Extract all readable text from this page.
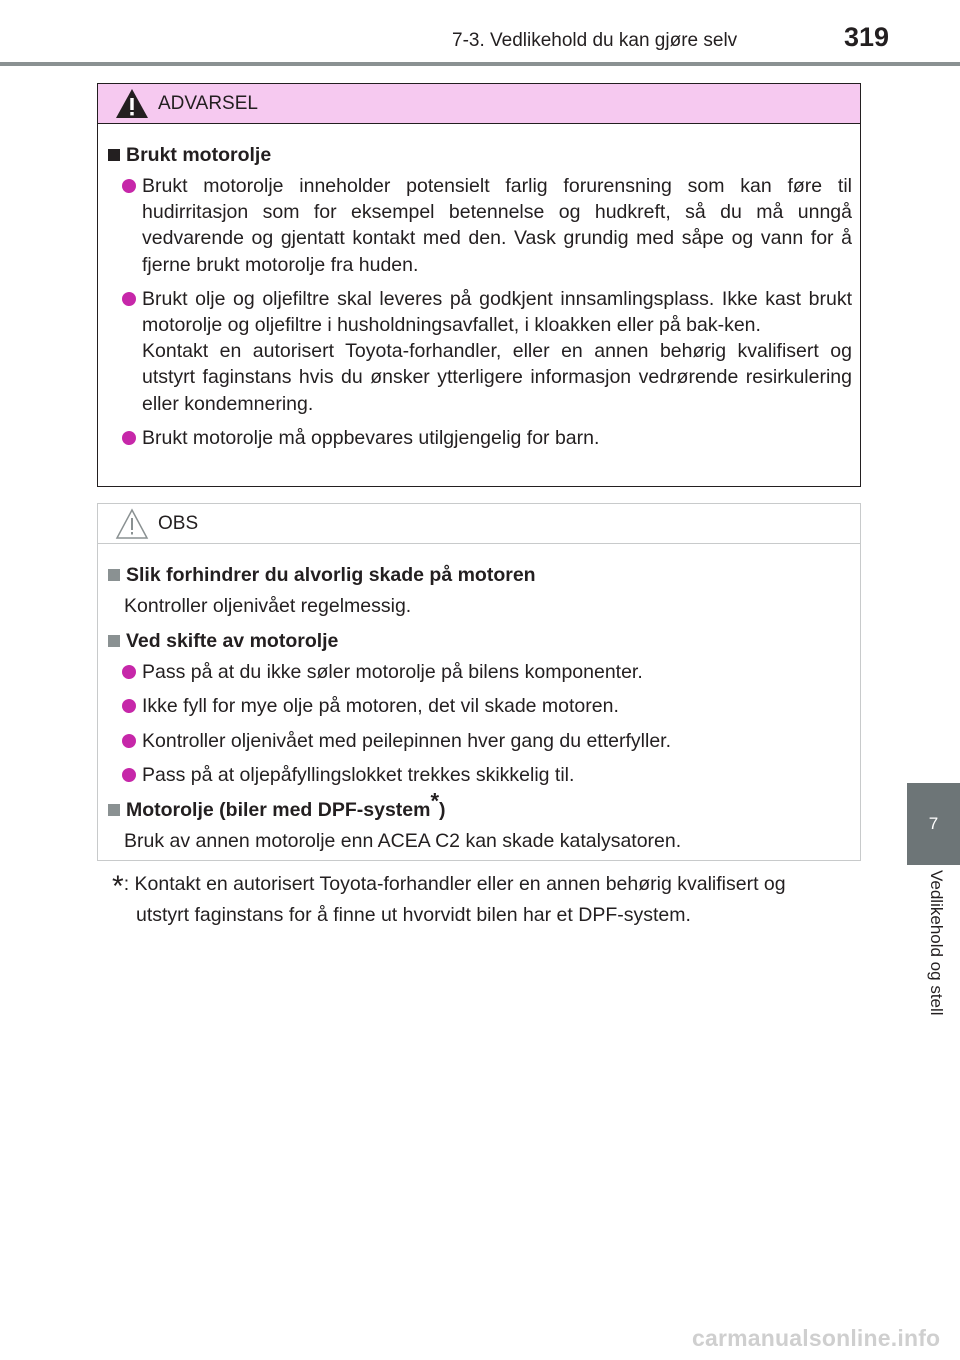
7-3. Vedlikehold du kan gjøre selv	319
7
Vedlikehold og stell
ADVARSEL
Brukt motorolje
Brukt motorolje inneholder potensielt farlig forurensning som kan føre til hudirritasjon som for eksempel betennelse og hudkreft, så du må unngå vedvarende og gjentatt kontakt med den. Vask grundig med såpe og vann for å fjerne brukt motorolje fra huden.
Brukt olje og oljefiltre skal leveres på godkjent innsamlingsplass. Ikke kast brukt motorolje og oljefiltre i husholdningsavfallet, i kloakken eller på bak-ken.
Kontakt en autorisert Toyota-forhandler, eller en annen behørig kvalifisert og utstyrt faginstans hvis du ønsker ytterligere informasjon vedrørende resirkulering eller kondemnering.
Brukt motorolje må oppbevares utilgjengelig for barn.
OBS
Slik forhindrer du alvorlig skade på motoren
Kontroller oljenivået regelmessig.
Ved skifte av motorolje
Pass på at du ikke søler motorolje på bilens komponenter.
Ikke fyll for mye olje på motoren, det vil skade motoren.
Kontroller oljenivået med peilepinnen hver gang du etterfyller.
Pass på at oljepåfyllingslokket trekkes skikkelig til.
Motorolje (biler med DPF-system*)
Bruk av annen motorolje enn ACEA C2 kan skade katalysatoren.
*: Kontakt en autorisert Toyota-forhandler eller en annen behørig kvalifisert og
utstyrt faginstans for å finne ut hvorvidt bilen har et DPF-system.
carmanualsonline.info
